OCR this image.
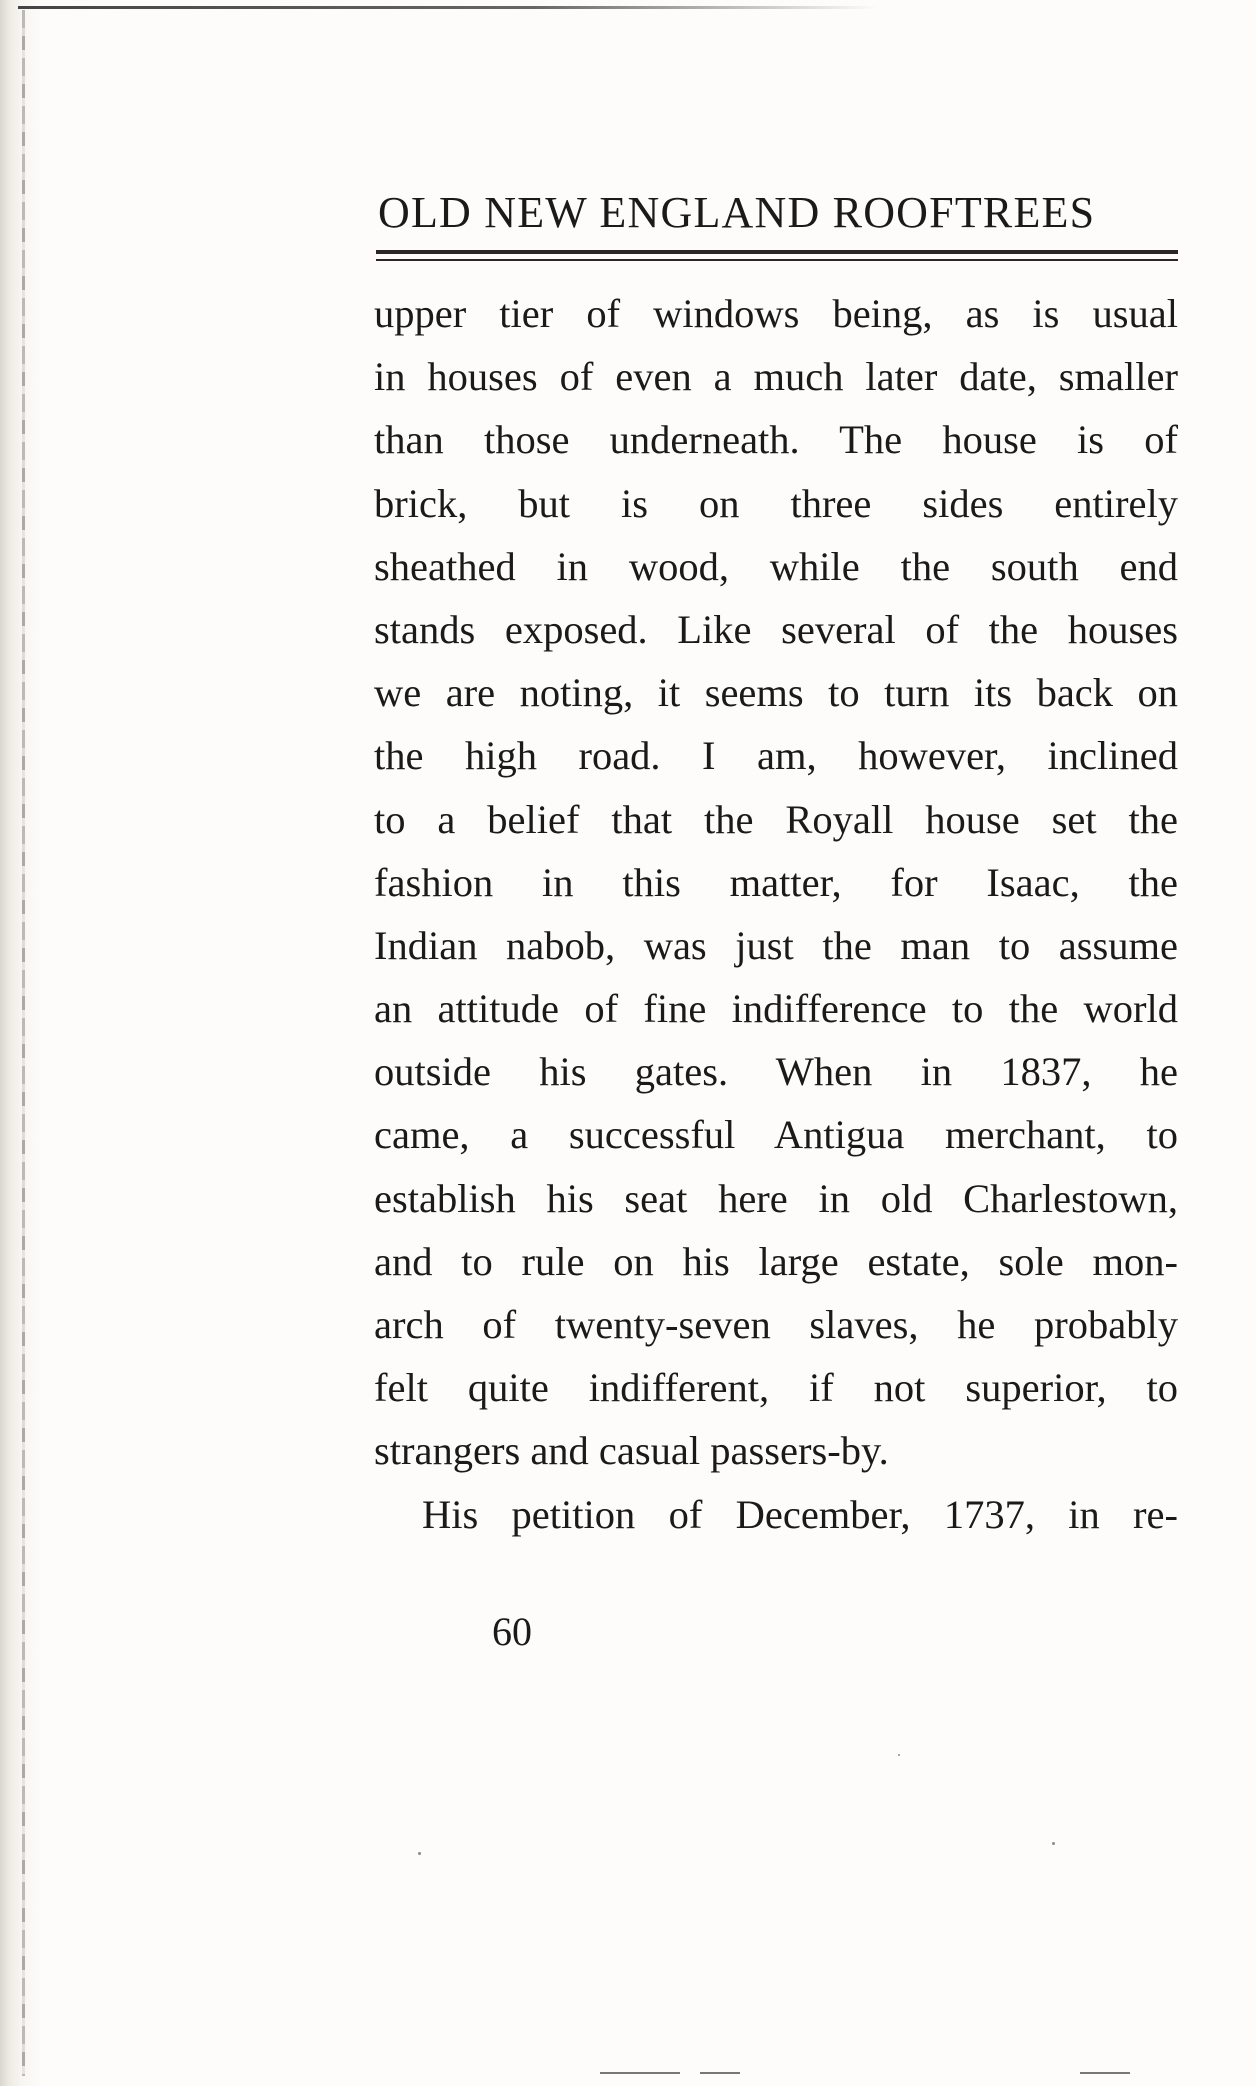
OLD NEW ENGLAND ROOFTREES
upper tier of windows being, as is usual
in houses of even a much later date, smaller
than those underneath. The house is of
brick, but is on three sides entirely
sheathed in wood, while the south end
stands exposed. Like several of the houses
we are noting, it seems to turn its back on
the high road. I am, however, inclined
to a belief that the Royall house set the
fashion in this matter, for Isaac, the
Indian nabob, was just the man to assume
an attitude of fine indifference to the world
outside his gates. When in 1837, he
came, a successful Antigua merchant, to
establish his seat here in old Charlestown,
and to rule on his large estate, sole mon-
arch of twenty-seven slaves, he probably
felt quite indifferent, if not superior, to
strangers and casual passers-by.
His petition of December, 1737, in re-
60
